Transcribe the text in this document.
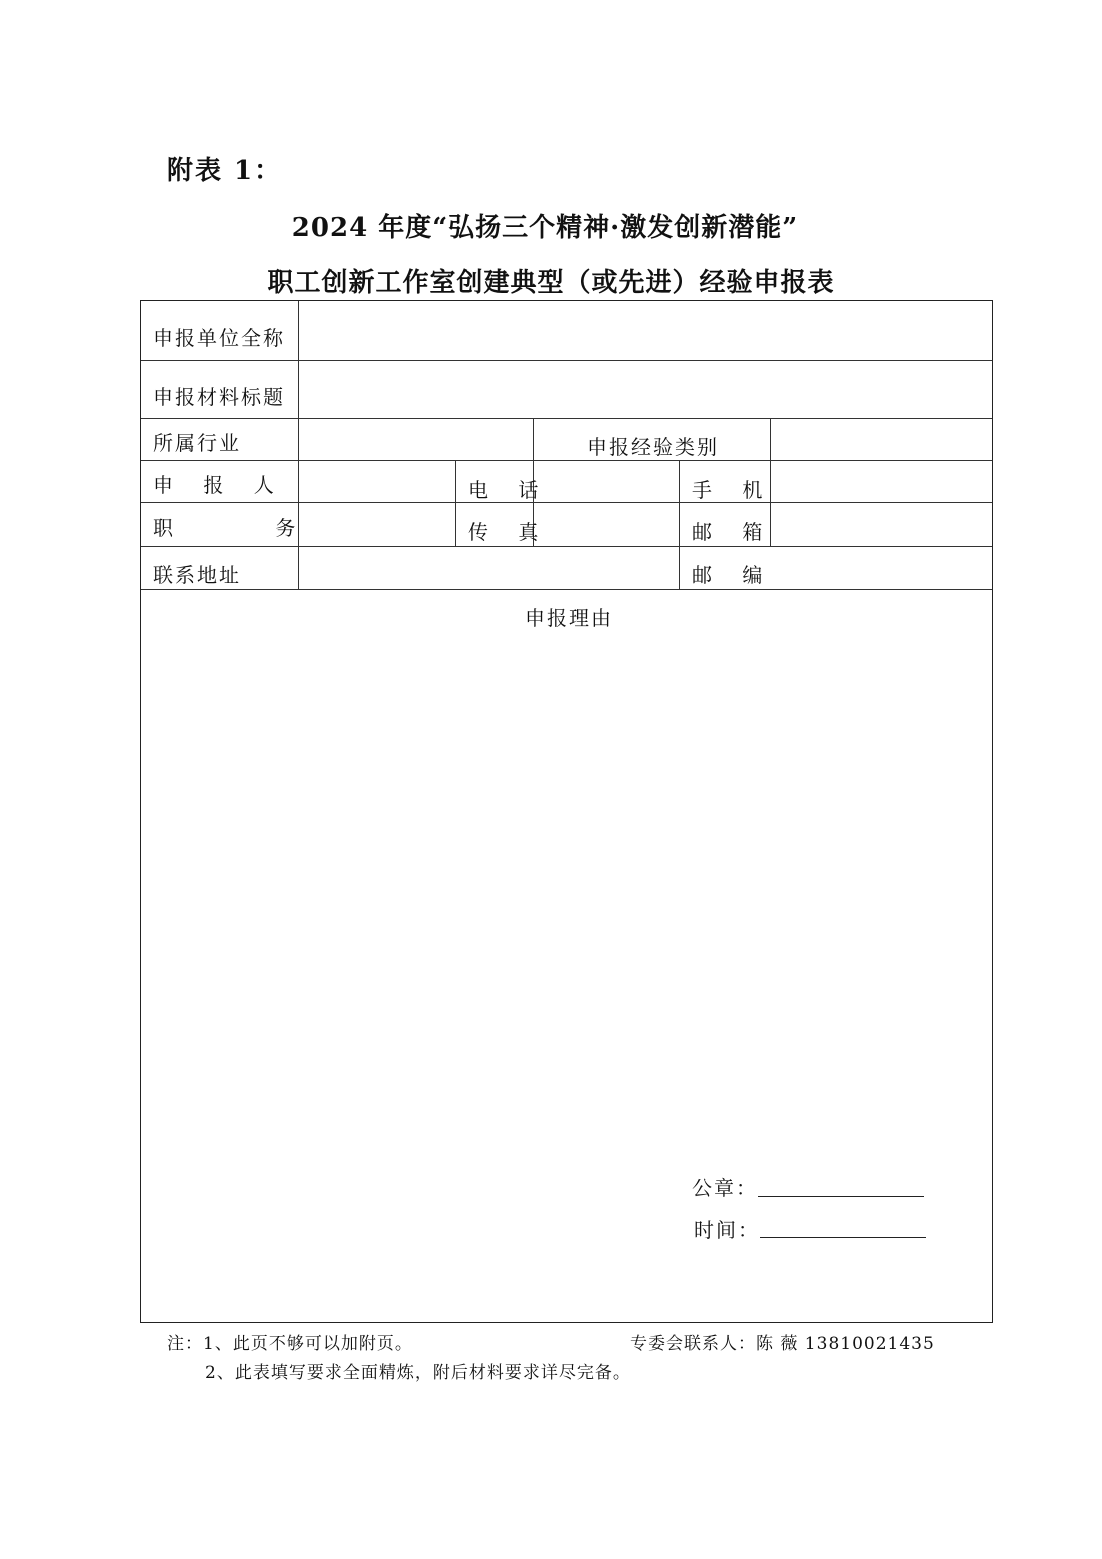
附表 1：
2024 年度“弘扬三个精神·激发创新潜能”
职工创新工作室创建典型（或先进）经验申报表
申报单位全称
申报材料标题
所属行业	申报经验类别
申 报 人	电 话	手 机
职 务	传 真	邮 箱
联系地址	邮 编
申报理由
公章：
时间：
注：1、此页不够可以加附页。	专委会联系人：陈 薇 13810021435
2、此表填写要求全面精炼，附后材料要求详尽完备。
